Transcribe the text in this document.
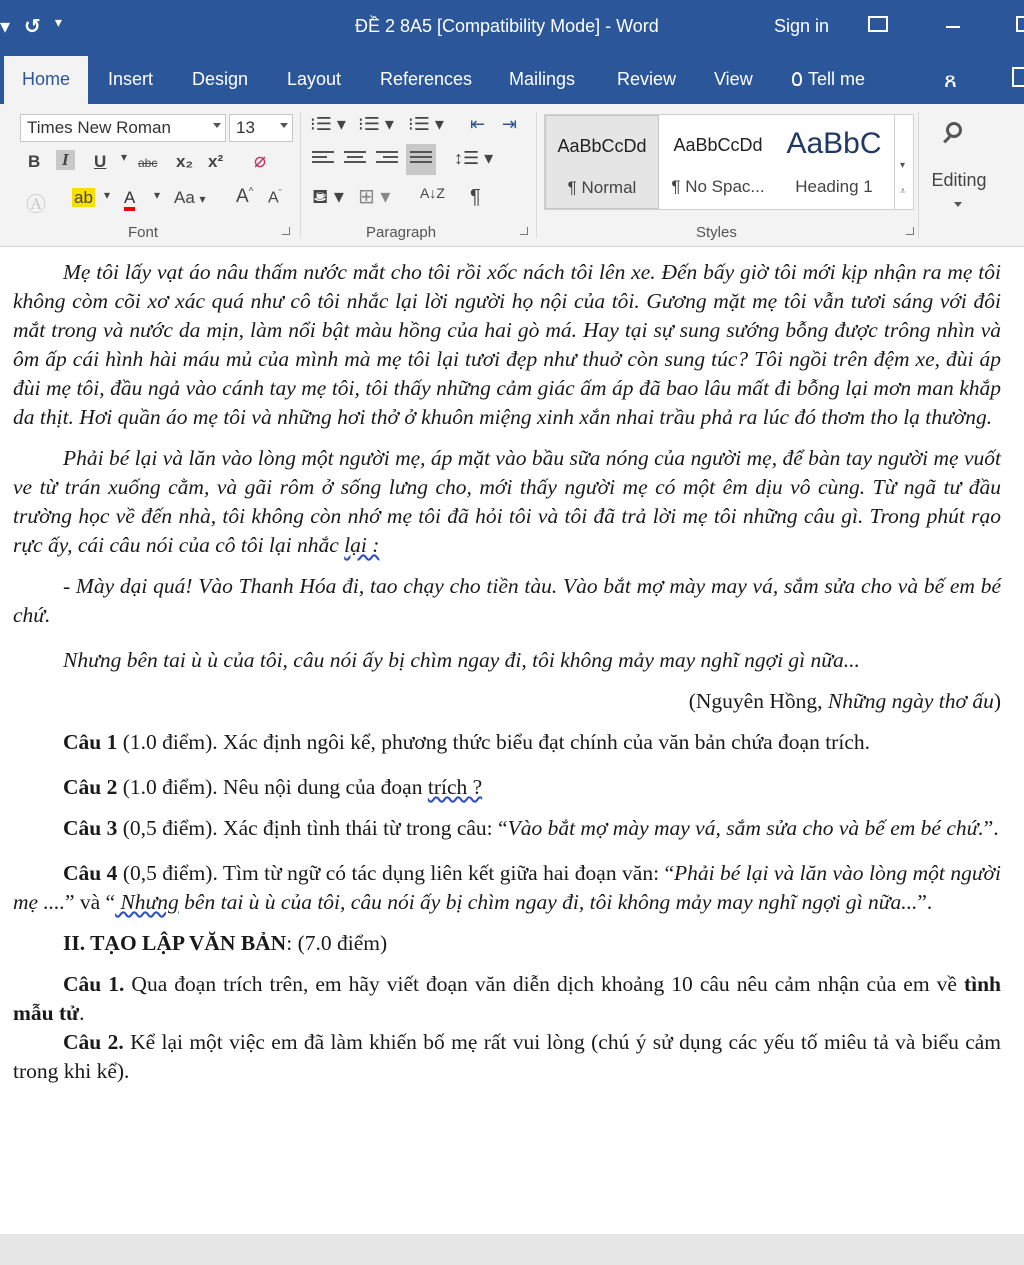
▾ ↺ ▾	ĐỀ 2 8A5 [Compatibility Mode] - Word	Sign in
Home	Insert Design Layout References Mailings Review View	Tell me	ጸ
Times New Roman	13
B	I	U ▾ abc x₂ x² ⌀
Ⓐ ab ▾ A ▾ Aa ▾ A^ $A^ˇ$
Font
⁝☰ ▾ ⁝☰ ▾ ⁝☰ ▾ ⇤ ⇥
↕☰ ▾
⛾ ▾ ⊞ ▾ A↓Z ¶
Paragraph
AaBbCcDd
¶ Normal
AaBbCcDd
¶ No Spac...
AaBbC
Heading 1
▾
⩡
Styles
Editing

Mẹ tôi lấy vạt áo nâu thấm nước mắt cho tôi rồi xốc nách tôi lên xe. Đến bấy giờ tôi mới kịp nhận ra mẹ tôi không còm cõi xơ xác quá như cô tôi nhắc lại lời người họ nội của tôi. Gương mặt mẹ tôi vẫn tươi sáng với đôi mắt trong và nước da mịn, làm nổi bật màu hồng của hai gò má. Hay tại sự sung sướng bỗng được trông nhìn và ôm ấp cái hình hài máu mủ của mình mà mẹ tôi lại tươi đẹp như thuở còn sung túc? Tôi ngồi trên đệm xe, đùi áp đùi mẹ tôi, đầu ngả vào cánh tay mẹ tôi, tôi thấy những cảm giác ấm áp đã bao lâu mất đi bỗng lại mơn man khắp da thịt. Hơi quần áo mẹ tôi và những hơi thở ở khuôn miệng xinh xắn nhai trầu phả ra lúc đó thơm tho lạ thường.

Phải bé lại và lăn vào lòng một người mẹ, áp mặt vào bầu sữa nóng của người mẹ, để bàn tay người mẹ vuốt ve từ trán xuống cằm, và gãi rôm ở sống lưng cho, mới thấy người mẹ có một êm dịu vô cùng. Từ ngã tư đầu trường học về đến nhà, tôi không còn nhớ mẹ tôi đã hỏi tôi và tôi đã trả lời mẹ tôi những câu gì. Trong phút rạo rực ấy, cái câu nói của cô tôi lại nhắc lại :

- Mày dại quá! Vào Thanh Hóa đi, tao chạy cho tiền tàu. Vào bắt mợ mày may vá, sắm sửa cho và bế em bé chứ.

Nhưng bên tai ù ù của tôi, câu nói ấy bị chìm ngay đi, tôi không mảy may nghĩ ngợi gì nữa...

(Nguyên Hồng, Những ngày thơ ấu)

Câu 1 (1.0 điểm). Xác định ngôi kể, phương thức biểu đạt chính của văn bản chứa đoạn trích.

Câu 2 (1.0 điểm). Nêu nội dung của đoạn trích ?

Câu 3 (0,5 điểm). Xác định tình thái từ trong câu: “Vào bắt mợ mày may vá, sắm sửa cho và bế em bé chứ.”.

Câu 4 (0,5 điểm). Tìm từ ngữ có tác dụng liên kết giữa hai đoạn văn: “Phải bé lại và lăn vào lòng một người mẹ ....” và “ Nhưng bên tai ù ù của tôi, câu nói ấy bị chìm ngay đi, tôi không mảy may nghĩ ngợi gì nữa...”.

II. TẠO LẬP VĂN BẢN: (7.0 điểm)

Câu 1. Qua đoạn trích trên, em hãy viết đoạn văn diễn dịch khoảng 10 câu nêu cảm nhận của em về tình mẫu tử.

Câu 2. Kể lại một việc em đã làm khiến bố mẹ rất vui lòng (chú ý sử dụng các yếu tố miêu tả và biểu cảm trong khi kể).
